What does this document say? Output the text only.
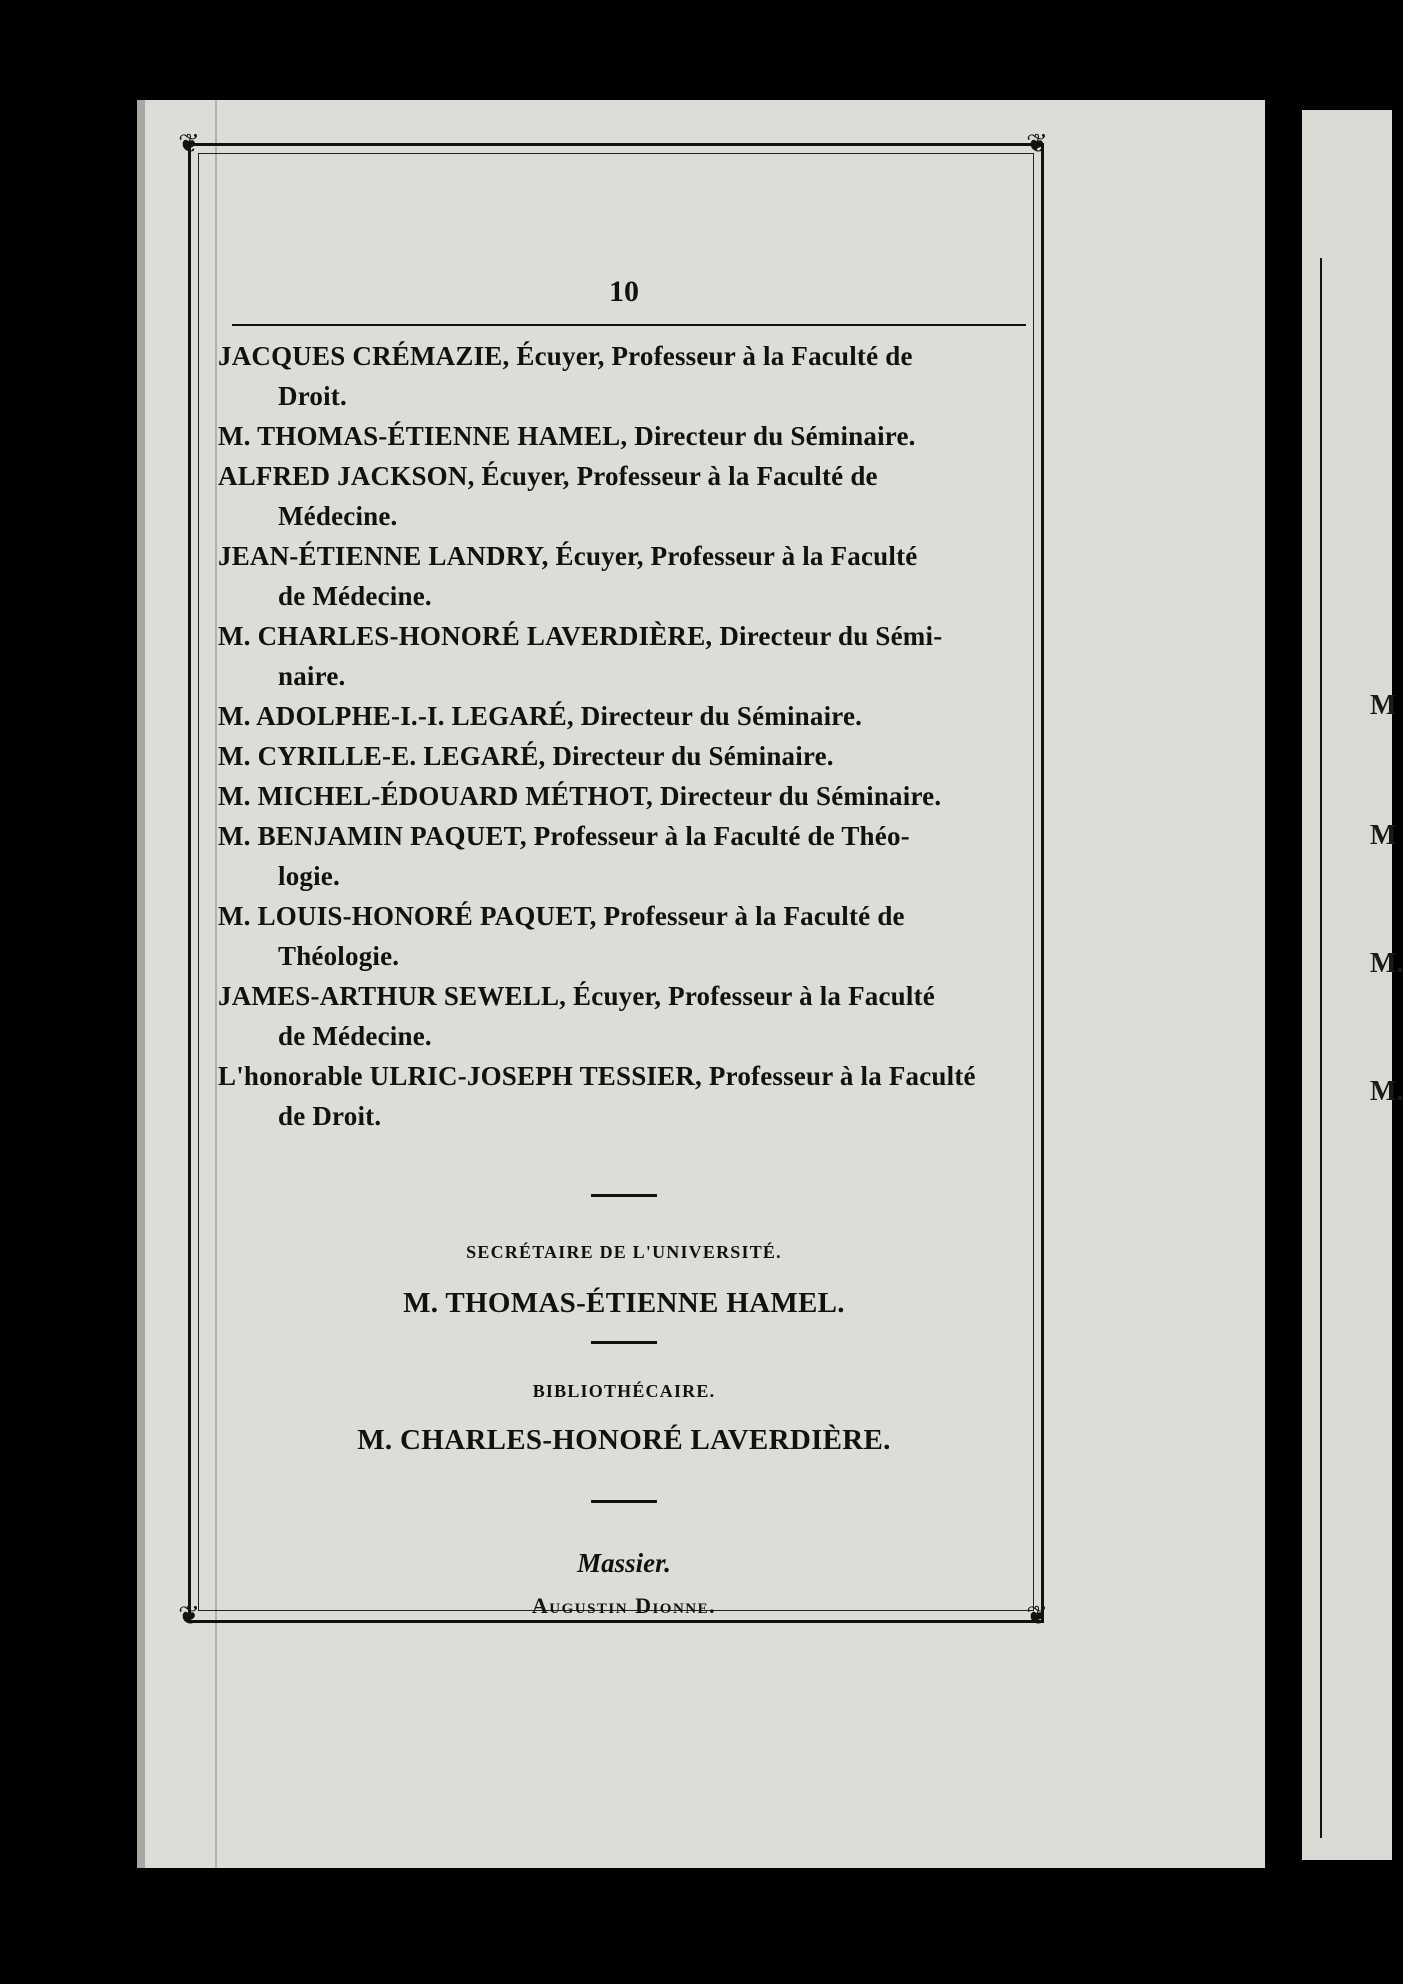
M
M
M.
M.
❦	❦
❦	❦
10
JACQUES CRÉMAZIE, Écuyer, Professeur à la Faculté de
Droit.
M. THOMAS-ÉTIENNE HAMEL, Directeur du Séminaire.
ALFRED JACKSON, Écuyer, Professeur à la Faculté de
Médecine.
JEAN-ÉTIENNE LANDRY, Écuyer, Professeur à la Faculté
de Médecine.
M. CHARLES-HONORÉ LAVERDIÈRE, Directeur du Sémi-
naire.
M. ADOLPHE-I.-I. LEGARÉ, Directeur du Séminaire.
M. CYRILLE-E. LEGARÉ, Directeur du Séminaire.
M. MICHEL-ÉDOUARD MÉTHOT, Directeur du Séminaire.
M. BENJAMIN PAQUET, Professeur à la Faculté de Théo-
logie.
M. LOUIS-HONORÉ PAQUET, Professeur à la Faculté de
Théologie.
JAMES-ARTHUR SEWELL, Écuyer, Professeur à la Faculté
de Médecine.
L'honorable ULRIC-JOSEPH TESSIER, Professeur à la Faculté
de Droit.
SECRÉTAIRE DE L'UNIVERSITÉ.
M. THOMAS-ÉTIENNE HAMEL.
BIBLIOTHÉCAIRE.
M. CHARLES-HONORÉ LAVERDIÈRE.
Massier.
Augustin Dionne.
